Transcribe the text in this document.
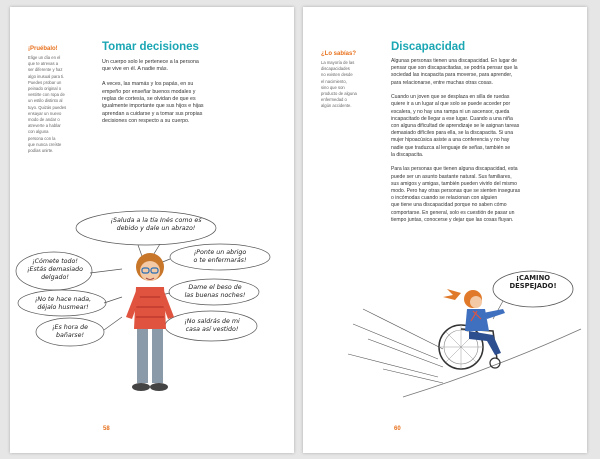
¡Pruébalo!
Elige un día en el
que te atrevas a
ser diferente y haz
algo inusual para ti.
Puedes probar un
peinado original o
vestirte con ropa de
un estilo distinto al
tuyo. Quizás puedes
ensayar un nuevo
modo de andar o
atreverte a hablar
con alguna
persona con la
que nunca creíste
podías unirte.
Tomar decisiones

Un cuerpo solo le pertenece a la persona
que vive en él. A nadie más.

A veces, las mamás y los papás, en su
empeño por enseñar buenos modales y
reglas de cortesía, se olvidan de que es
igualmente importante que sus hijos e hijas
aprendan a cuidarse y a tomar sus propias
decisiones con respecto a su cuerpo.

¡Saluda a la tía Inés como es
debido y dale un abrazo!
¡Cómete todo!
¡Estás demasiado
delgado!
¡Ponte un abrigo
o te enfermarás!
¡No te hace nada,
déjalo husmear!
Dame el beso de
las buenas noches!
¡Es hora de
bañarse!
¡No saldrás de mi
casa así vestido!
58
¿Lo sabías?
La mayoría de las
discapacidades
no existen desde
el nacimiento,
sino que son
producto de alguna
enfermedad o
algún accidente.
Discapacidad

Algunas personas tienen una discapacidad. En lugar de
pensar que son discapacitadas, se podría pensar que la
sociedad las incapacita para moverse, para aprender,
para relacionarse, entre muchas otras cosas.

Cuando un joven que se desplaza en silla de ruedas
quiere ir a un lugar al que solo se puede acceder por
escalera, y no hay una rampa ni un ascensor, queda
incapacitado de llegar a ese lugar. Cuando a una niña
con alguna dificultad de aprendizaje se le asignan tareas
demasiado difíciles para ella, se la discapacita. Si una
mujer hipoacúsica asiste a una conferencia y no hay
nadie que traduzca al lenguaje de señas, también se
la discapacita.

Para las personas que tienen alguna discapacidad, esta
puede ser un asunto bastante natural. Sus familiares,
sus amigos y amigas, también pueden vivirlo del mismo
modo. Pero hay otras personas que se sienten inseguras
o incómodas cuando se relacionan con alguien
que tiene una discapacidad porque no saben cómo
comportarse. En general, solo es cuestión de pasar un
tiempo juntas, conocerse y dejar que las cosas fluyan.

¡CAMINO
DESPEJADO!
60
